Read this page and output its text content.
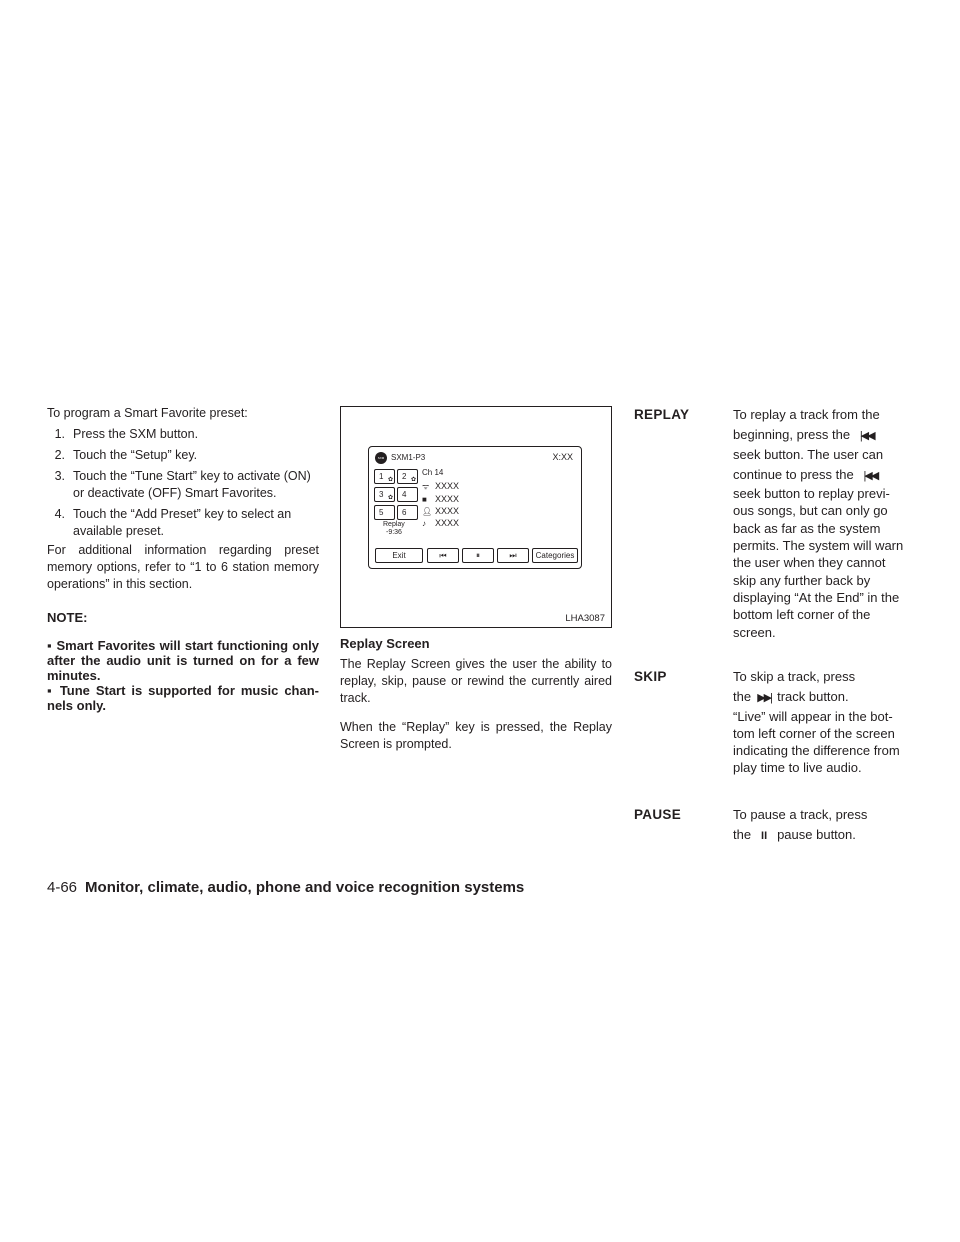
To program a Smart Favorite preset:

1. Press the SXM button.
2. Touch the “Setup” key.
3. Touch the “Tune Start” key to activate (ON) or deactivate (OFF) Smart Favorites.
4. Touch the “Add Preset” key to select an available preset.

For additional information regarding preset memory options, refer to “1 to 6 station memory operations” in this section.

NOTE:

▪ Smart Favorites will start functioning only after the audio unit is turned on for a few minutes.
▪ Tune Start is supported for music chan- nels only.
SXM SXM1-P3	X:XX
Ch 14
1 ✿	2 ✿
3 ✿	4
5	6
Replay
-9:36
ᯤ XXXX
■ XXXX
👤︎ XXXX
♪ XXXX
Exit	⏮	⏸	⏭	Categories
LHA3087
Replay Screen

The Replay Screen gives the user the ability to replay, skip, pause or rewind the currently aired track.

When the “Replay” key is pressed, the Replay Screen is prompted.

REPLAY	To replay a track from the
beginning, press the |◀◀
seek button. The user can
continue to press the |◀◀
seek button to replay previ- ous songs, but can only go back as far as the system permits. The system will warn the user when they cannot skip any further back by displaying “At the End” in the bottom left corner of the screen.
SKIP	To skip a track, press
the ▶▶| track button.
“Live” will appear in the bot- tom left corner of the screen indicating the difference from play time to live audio.
PAUSE	To pause a track, press
the II pause button.
4-66 Monitor, climate, audio, phone and voice recognition systems
